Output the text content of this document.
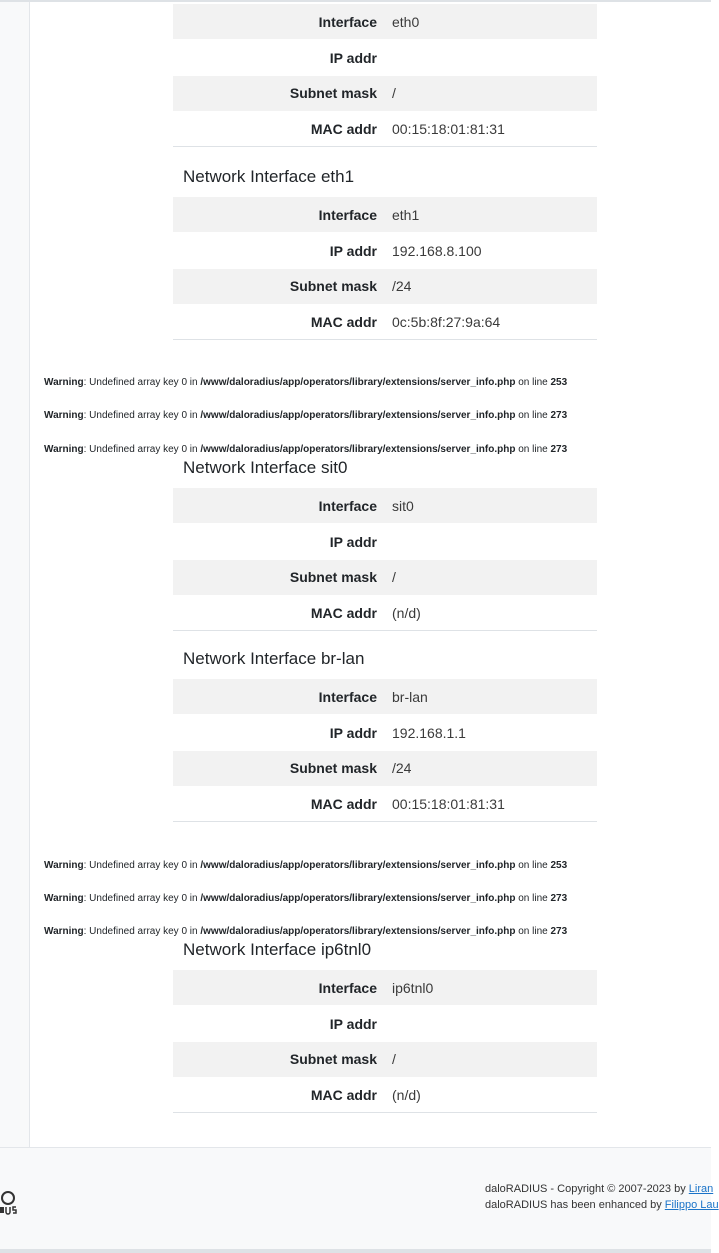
Interface	eth0
IP addr	
Subnet mask	/
MAC addr	00:15:18:01:81:31
Network Interface eth1
Interface	eth1
IP addr	192.168.8.100
Subnet mask	/24
MAC addr	0c:5b:8f:27:9a:64
Warning: Undefined array key 0 in /www/daloradius/app/operators/library/extensions/server_info.php on line 253
Warning: Undefined array key 0 in /www/daloradius/app/operators/library/extensions/server_info.php on line 273
Warning: Undefined array key 0 in /www/daloradius/app/operators/library/extensions/server_info.php on line 273
Network Interface sit0
Interface	sit0
IP addr	
Subnet mask	/
MAC addr	(n/d)
Network Interface br-lan
Interface	br-lan
IP addr	192.168.1.1
Subnet mask	/24
MAC addr	00:15:18:01:81:31
Warning: Undefined array key 0 in /www/daloradius/app/operators/library/extensions/server_info.php on line 253
Warning: Undefined array key 0 in /www/daloradius/app/operators/library/extensions/server_info.php on line 273
Warning: Undefined array key 0 in /www/daloradius/app/operators/library/extensions/server_info.php on line 273
Network Interface ip6tnl0
Interface	ip6tnl0
IP addr	
Subnet mask	/
MAC addr	(n/d)
daloRADIUS - Copyright © 2007-2023 by Liran
daloRADIUS has been enhanced by Filippo Lau
